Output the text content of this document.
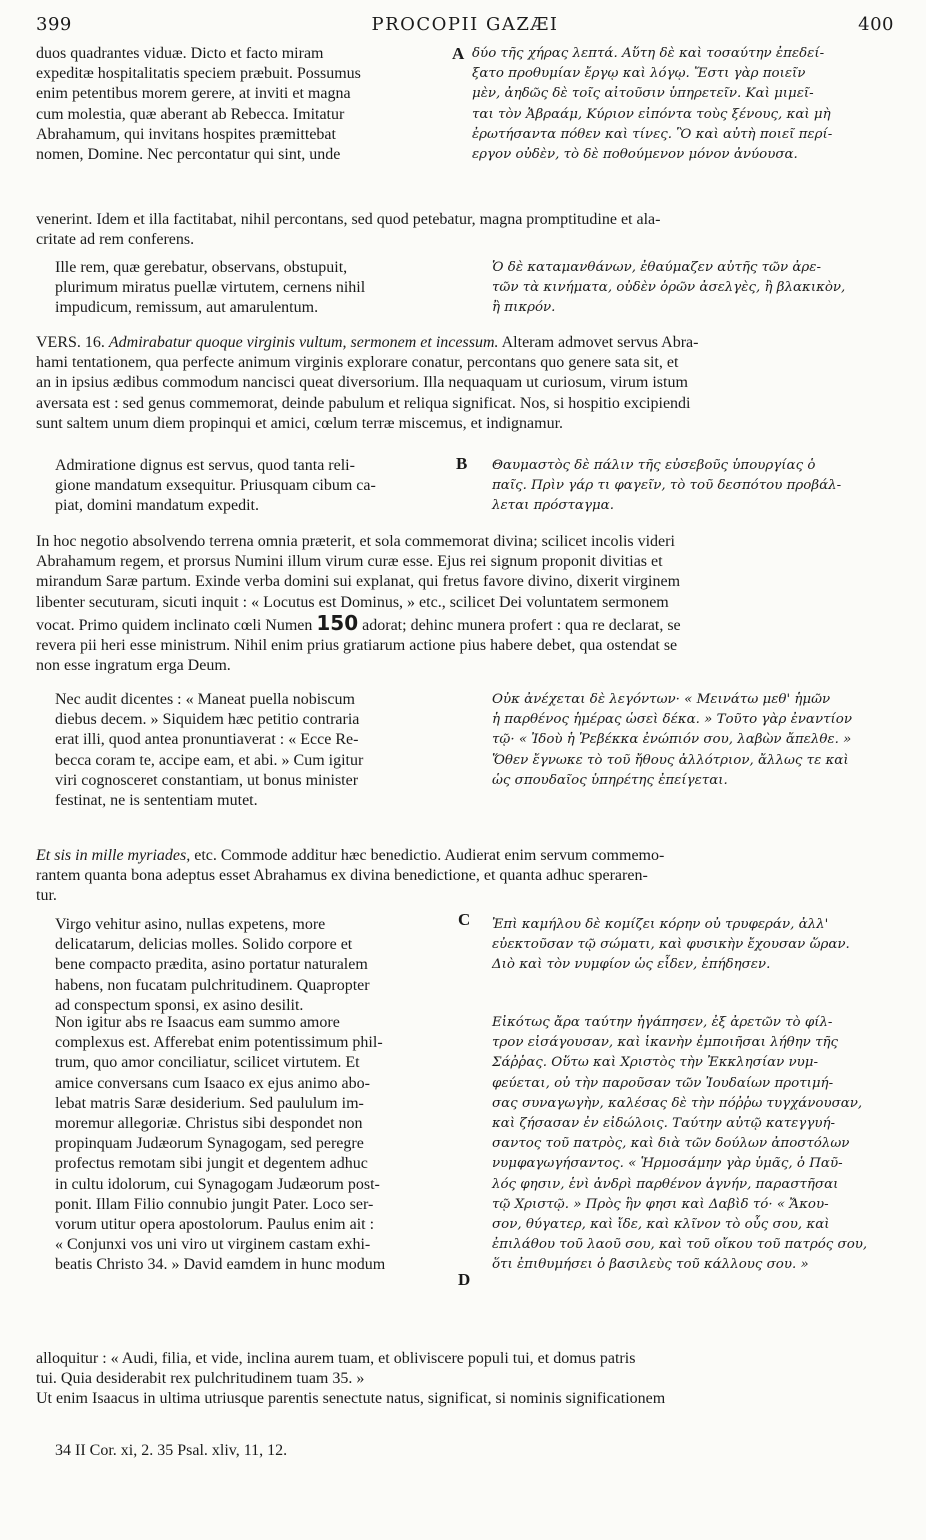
399	PROCOPII GAZÆI	400
duos quadrantes viduæ. Dicto et facto miram
expeditæ hospitalitatis speciem præbuit. Possumus
enim petentibus morem gerere, at inviti et magna
cum molestia, quæ aberant ab Rebecca. Imitatur
Abrahamum, qui invitans hospites præmittebat
nomen, Domine. Nec percontatur qui sint, unde
A δύο τῆς χήρας λεπτά. Αὕτη δὲ καὶ τοσαύτην ἐπεδεί-
ξατο προθυμίαν ἔργῳ καὶ λόγῳ. Ἔστι γὰρ ποιεῖν
μὲν, ἀηδῶς δὲ τοῖς αἰτοῦσιν ὑπηρετεῖν. Καὶ μιμεῖ-
ται τὸν Ἀβραάμ, Κύριον εἰπόντα τοὺς ξένους, καὶ μὴ
ἐρωτήσαντα πόθεν καὶ τίνες. Ὃ καὶ αὐτὴ ποιεῖ περί-
εργον οὐδὲν, τὸ δὲ ποθούμενον μόνον ἀνύουσα.
venerint. Idem et illa factitabat, nihil percontans, sed quod petebatur, magna promptitudine et ala-
critate ad rem conferens.
Ille rem, quæ gerebatur, observans, obstupuit,
plurimum miratus puellæ virtutem, cernens nihil
impudicum, remissum, aut amarulentum.
Ὁ δὲ καταμανθάνων, ἐθαύμαζεν αὐτῆς τῶν ἀρε-
τῶν τὰ κινήματα, οὐδὲν ὁρῶν ἀσελγὲς, ἢ βλακικὸν,
ἢ πικρόν.
VERS. 16. Admirabatur quoque virginis vultum, sermonem et incessum. Alteram admovet servus Abra-
hami tentationem, qua perfecte animum virginis explorare conatur, percontans quo genere sata sit, et
an in ipsius ædibus commodum nancisci queat diversorium. Illa nequaquam ut curiosum, virum istum
aversata est : sed genus commemorat, deinde pabulum et reliqua significat. Nos, si hospitio excipiendi
sunt saltem unum diem propinqui et amici, cœlum terræ miscemus, et indignamur.
Admiratione dignus est servus, quod tanta reli-
gione mandatum exsequitur. Priusquam cibum ca-
piat, domini mandatum expedit.
B Θαυμαστὸς δὲ πάλιν τῆς εὐσεβοῦς ὑπουργίας ὁ
παῖς. Πρὶν γάρ τι φαγεῖν, τὸ τοῦ δεσπότου προβάλ-
λεται πρόσταγμα.
In hoc negotio absolvendo terrena omnia præterit, et sola commemorat divina; scilicet incolis videri
Abrahamum regem, et prorsus Numini illum virum curæ esse. Ejus rei signum proponit divitias et
mirandum Saræ partum. Exinde verba domini sui explanat, qui fretus favore divino, dixerit virginem
libenter secuturam, sicuti inquit : « Locutus est Dominus, » etc., scilicet Dei voluntatem sermonem
vocat. Primo quidem inclinato cœli Numen 150 adorat; dehinc munera profert : qua re declarat, se
revera pii heri esse ministrum. Nihil enim prius gratiarum actione pius habere debet, qua ostendat se
non esse ingratum erga Deum.
Nec audit dicentes : « Maneat puella nobiscum
diebus decem. » Siquidem hæc petitio contraria
erat illi, quod antea pronuntiaverat : « Ecce Re-
becca coram te, accipe eam, et abi. » Cum igitur
viri cognosceret constantiam, ut bonus minister
festinat, ne is sententiam mutet.
Οὐκ ἀνέχεται δὲ λεγόντων· « Μεινάτω μεθ' ἡμῶν
ἡ παρθένος ἡμέρας ὡσεὶ δέκα. » Τοῦτο γὰρ ἐναντίον
τῷ· « Ἰδοὺ ἡ Ῥεβέκκα ἐνώπιόν σου, λαβὼν ἄπελθε. »
Ὅθεν ἔγνωκε τὸ τοῦ ἤθους ἀλλότριον, ἄλλως τε καὶ
ὡς σπουδαῖος ὑπηρέτης ἐπείγεται.
Et sis in mille myriades, etc. Commode additur hæc benedictio. Audierat enim servum commemo-
rantem quanta bona adeptus esset Abrahamus ex divina benedictione, et quanta adhuc speraren-
tur.
Virgo vehitur asino, nullas expetens, more
delicatarum, delicias molles. Solido corpore et
bene compacto prædita, asino portatur naturalem
habens, non fucatam pulchritudinem. Quapropter
ad conspectum sponsi, ex asino desilit.
C Ἐπὶ καμήλου δὲ κομίζει κόρην οὐ τρυφεράν, ἀλλ'
εὐεκτοῦσαν τῷ σώματι, καὶ φυσικὴν ἔχουσαν ὥραν.
Διὸ καὶ τὸν νυμφίον ὡς εἶδεν, ἐπήδησεν.
Non igitur abs re Isaacus eam summo amore
complexus est. Afferebat enim potentissimum phil-
trum, quo amor conciliatur, scilicet virtutem. Et
amice conversans cum Isaaco ex ejus animo abo-
lebat matris Saræ desiderium. Sed paululum im-
moremur allegoriæ. Christus sibi despondet non
propinquam Judæorum Synagogam, sed peregre
profectus remotam sibi jungit et degentem adhuc
in cultu idolorum, cui Synagogam Judæorum post-
ponit. Illam Filio connubio jungit Pater. Loco ser-
vorum utitur opera apostolorum. Paulus enim ait :
« Conjunxi vos uni viro ut virginem castam exhi-
beatis Christo 34. » David eamdem in hunc modum
D
Εἰκότως ἄρα ταύτην ἠγάπησεν, ἐξ ἀρετῶν τὸ φίλ-
τρον εἰσάγουσαν, καὶ ἱκανὴν ἐμποιῆσαι λήθην τῆς
Σάῤῥας. Οὕτω καὶ Χριστὸς τὴν Ἐκκλησίαν νυμ-
φεύεται, οὐ τὴν παροῦσαν τῶν Ἰουδαίων προτιμή-
σας συναγωγὴν, καλέσας δὲ τὴν πόῤῥω τυγχάνουσαν,
καὶ ζήσασαν ἐν εἰδώλοις. Ταύτην αὐτῷ κατεγγυή-
σαντος τοῦ πατρὸς, καὶ διὰ τῶν δούλων ἀποστόλων
νυμφαγωγήσαντος. « Ἡρμοσάμην γὰρ ὑμᾶς, ὁ Παῦ-
λός φησιν, ἑνὶ ἀνδρὶ παρθένον ἁγνήν, παραστῆσαι
τῷ Χριστῷ. » Πρὸς ἣν φησι καὶ Δαβὶδ τό· « Ἄκου-
σον, θύγατερ, καὶ ἴδε, καὶ κλῖνον τὸ οὖς σου, καὶ
ἐπιλάθου τοῦ λαοῦ σου, καὶ τοῦ οἴκου τοῦ πατρός σου,
ὅτι ἐπιθυμήσει ὁ βασιλεὺς τοῦ κάλλους σου. »
alloquitur : « Audi, filia, et vide, inclina aurem tuam, et obliviscere populi tui, et domus patris
tui. Quia desiderabit rex pulchritudinem tuam 35. »
Ut enim Isaacus in ultima utriusque parentis senectute natus, significat, si nominis significationem
34 II Cor. xi, 2. 35 Psal. xliv, 11, 12.
